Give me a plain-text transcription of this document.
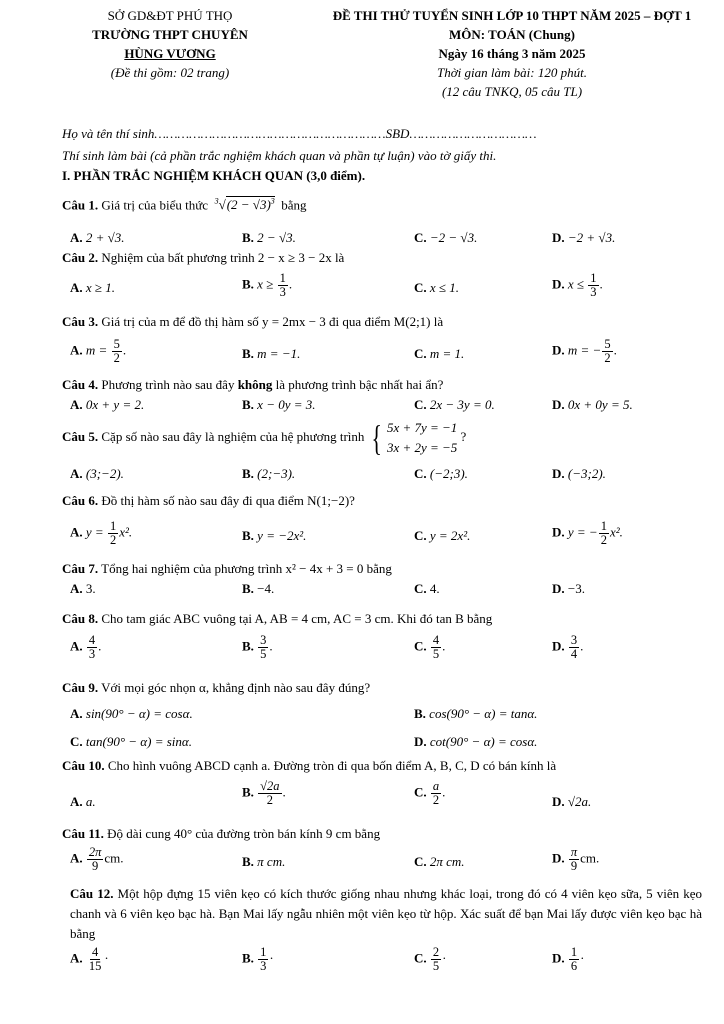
SỞ GD&ĐT PHÚ THỌ
TRƯỜNG THPT CHUYÊN
HÙNG VƯƠNG
(Đề thi gồm: 02 trang)
ĐỀ THI THỬ TUYỂN SINH LỚP 10 THPT NĂM 2025 – ĐỢT 1
MÔN: TOÁN (Chung)
Ngày 16 tháng 3 năm 2025
Thời gian làm bài: 120 phút.
(12 câu TNKQ, 05 câu TL)
Họ và tên thí sinh……………………………………………………SBD……………………………
Thí sinh làm bài (cả phần trắc nghiệm khách quan và phần tự luận) vào tờ giấy thi.
I. PHẦN TRẮC NGHIỆM KHÁCH QUAN (3,0 điểm).
Câu 1. Giá trị của biểu thức $^3√(2 - √3)^3$ bằng
A. 2 + √3.	B. 2 − √3.	C. −2 − √3.	D. −2 + √3.
Câu 2. Nghiệm của bất phương trình 2 − x ≥ 3 − 2x là
A. x ≥ 1.	B. $x \ge \frac{1}{3}$ .	C. x ≤ 1.	D. $x \le \frac{1}{3}$ .
Câu 3. Giá trị của m để đồ thị hàm số y = 2mx − 3 đi qua điểm M(2;1) là
A. $m = \frac{5}{2}$ .	B. m = −1.	C. m = 1.	D. m = − $\frac{5}{2}$ .
Câu 4. Phương trình nào sau đây không là phương trình bậc nhất hai ẩn?
A. 0x + y = 2.	B. x − 0y = 3.	C. 2x − 3y = 0.	D. 0x + 0y = 5.
Câu 5. Cặp số nào sau đây là nghiệm của hệ phương trình { 5x + 7y = −1
3x + 2y = −5
?
A. (3;−2).	B. (2;−3).	C. (−2;3).	D. (−3;2).
Câu 6. Đồ thị hàm số nào sau đây đi qua điểm N(1;−2)?
A. $y = \frac{1}{2} x^2$.	B. y = −2x².	C. y = 2x².	D. y = − $\frac{1}{2} x^2$.
Câu 7. Tổng hai nghiệm của phương trình x² − 4x + 3 = 0 bằng
A. 3.	B. −4.	C. 4.	D. −3.
Câu 8. Cho tam giác ABC vuông tại A, AB = 4 cm, AC = 3 cm. Khi đó tan B bằng
A. $\frac{4}{3}$ .	B. $\frac{3}{5}$ .	C. $\frac{4}{5}$ .	D. $\frac{3}{4}$ .
Câu 9. Với mọi góc nhọn α, khẳng định nào sau đây đúng?
A. sin(90° − α) = cosα.	B. cos(90° − α) = tanα.
C. tan(90° − α) = sinα.	D. cot(90° − α) = cosα.
Câu 10. Cho hình vuông ABCD cạnh a. Đường tròn đi qua bốn điểm A, B, C, D có bán kính là
A. a.
B. $\frac{√2a}{2}$ .	C. $\frac{a}{2}$ .
D. √2a.
Câu 11. Độ dài cung 40° của đường tròn bán kính 9 cm bằng
A. $\frac{2\pi}{9}$ cm.	B. π cm.	C. 2π cm.	D. $\frac{\pi}{9}$ cm.
Câu 12. Một hộp đựng 15 viên kẹo có kích thước giống nhau nhưng khác loại, trong đó có 4 viên kẹo sữa, 5 viên kẹo chanh và 6 viên kẹo bạc hà. Bạn Mai lấy ngẫu nhiên một viên kẹo từ hộp. Xác suất để bạn Mai lấy được viên kẹo bạc hà bằng
A. $\frac{4}{15}$ ·	B. $\frac{1}{3}$ ·	C. $\frac{2}{5}$ ·	D. $\frac{1}{6}$ ·
